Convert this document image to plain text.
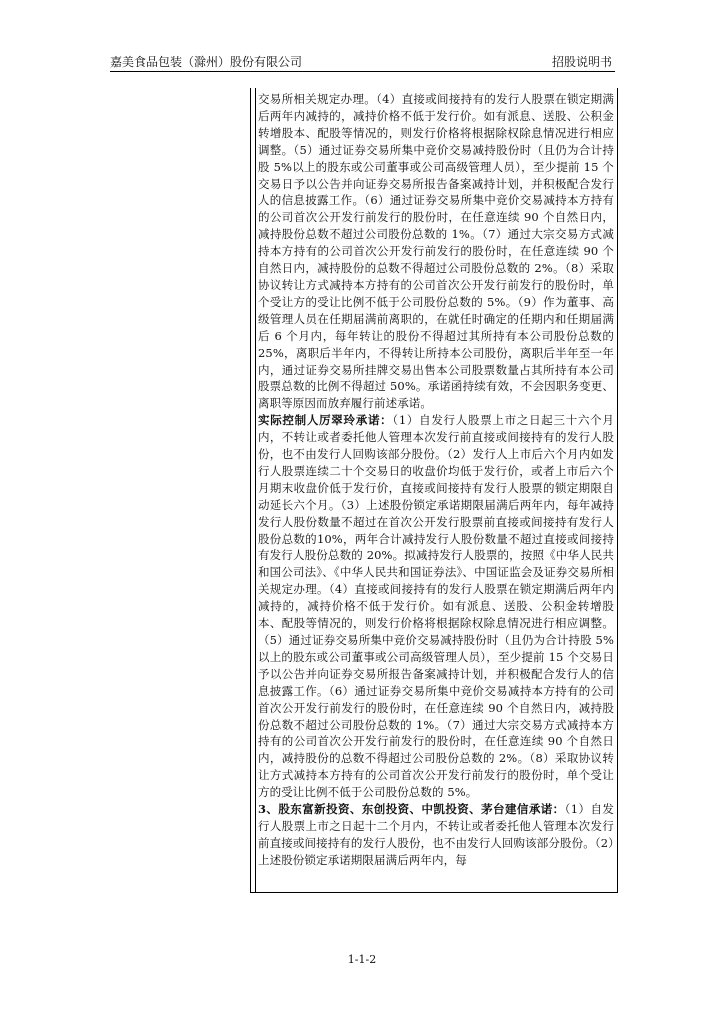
嘉美食品包装（滁州）股份有限公司	招股说明书

交易所相关规定办理。（4）直接或间接持有的发行人股票在锁定期满后两年内减持的，减持价格不低于发行价。如有派息、送股、公积金转增股本、配股等情况的，则发行价格将根据除权除息情况进行相应调整。（5）通过证券交易所集中竞价交易减持股份时（且仍为合计持股 5%以上的股东或公司董事或公司高级管理人员），至少提前 15 个交易日予以公告并向证券交易所报告备案减持计划，并积极配合发行人的信息披露工作。（6）通过证券交易所集中竞价交易减持本方持有的公司首次公开发行前发行的股份时，在任意连续 90 个自然日内，减持股份总数不超过公司股份总数的 1%。（7）通过大宗交易方式减持本方持有的公司首次公开发行前发行的股份时，在任意连续 90 个自然日内，减持股份的总数不得超过公司股份总数的 2%。（8）采取协议转让方式减持本方持有的公司首次公开发行前发行的股份时，单个受让方的受让比例不低于公司股份总数的 5%。（9）作为董事、高级管理人员在任期届满前离职的，在就任时确定的任期内和任期届满后 6 个月内，每年转让的股份不得超过其所持有本公司股份总数的 25%，离职后半年内，不得转让所持本公司股份，离职后半年至一年内，通过证券交易所挂牌交易出售本公司股票数量占其所持有本公司股票总数的比例不得超过 50%。承诺函持续有效，不会因职务变更、离职等原因而放弃履行前述承诺。

实际控制人厉翠玲承诺：（1）自发行人股票上市之日起三十六个月内，不转让或者委托他人管理本次发行前直接或间接持有的发行人股份，也不由发行人回购该部分股份。（2）发行人上市后六个月内如发行人股票连续二十个交易日的收盘价均低于发行价，或者上市后六个月期末收盘价低于发行价，直接或间接持有发行人股票的锁定期限自动延长六个月。（3）上述股份锁定承诺期限届满后两年内，每年减持发行人股份数量不超过在首次公开发行股票前直接或间接持有发行人股份总数的10%，两年合计减持发行人股份数量不超过直接或间接持有发行人股份总数的 20%。拟减持发行人股票的，按照《中华人民共和国公司法》、《中华人民共和国证券法》、中国证监会及证券交易所相关规定办理。（4）直接或间接持有的发行人股票在锁定期满后两年内减持的，减持价格不低于发行价。如有派息、送股、公积金转增股本、配股等情况的，则发行价格将根据除权除息情况进行相应调整。（5）通过证券交易所集中竞价交易减持股份时（且仍为合计持股 5%以上的股东或公司董事或公司高级管理人员），至少提前 15 个交易日予以公告并向证券交易所报告备案减持计划，并积极配合发行人的信息披露工作。（6）通过证券交易所集中竞价交易减持本方持有的公司首次公开发行前发行的股份时，在任意连续 90 个自然日内，减持股份总数不超过公司股份总数的 1%。（7）通过大宗交易方式减持本方持有的公司首次公开发行前发行的股份时，在任意连续 90 个自然日内，减持股份的总数不得超过公司股份总数的 2%。（8）采取协议转让方式减持本方持有的公司首次公开发行前发行的股份时，单个受让方的受让比例不低于公司股份总数的 5%。

3、股东富新投资、东创投资、中凯投资、茅台建信承诺：（1）自发行人股票上市之日起十二个月内，不转让或者委托他人管理本次发行前直接或间接持有的发行人股份，也不由发行人回购该部分股份。（2）上述股份锁定承诺期限届满后两年内，每

1-1-2
